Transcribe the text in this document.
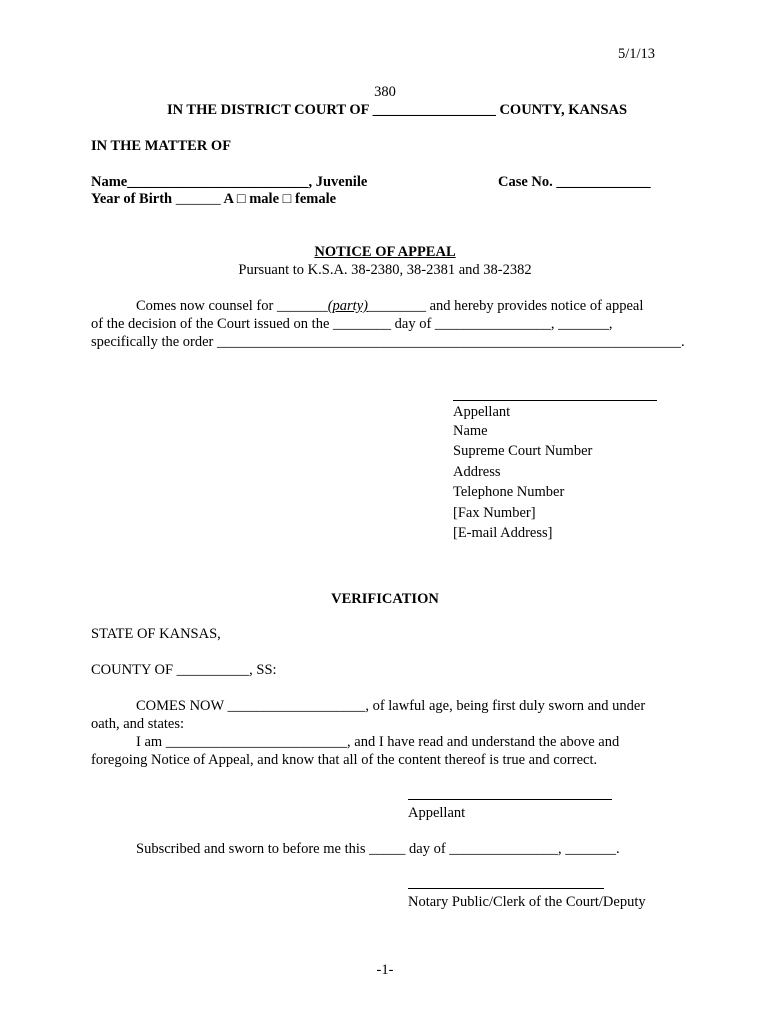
5/1/13
380
IN THE DISTRICT COURT OF _________________ COUNTY, KANSAS
IN THE MATTER OF
Name_________________________, Juvenile	Case No. _____________
Year of Birth _________ A □ male □ female
NOTICE OF APPEAL
Pursuant to K.S.A. 38-2380, 38-2381 and 38-2382
Comes now counsel for _______(party)________ and hereby provides notice of appeal
of the decision of the Court issued on the ________ day of ________________, _______,
specifically the order ________________________________________________________________.
Appellant
Name
Supreme Court Number
Address
Telephone Number
[Fax Number]
[E-mail Address]
VERIFICATION
STATE OF KANSAS,
COUNTY OF __________, SS:
COMES NOW ___________________, of lawful age, being first duly sworn and under
oath, and states:
I am _________________________, and I have read and understand the above and
foregoing Notice of Appeal, and know that all of the content thereof is true and correct.
Appellant
Subscribed and sworn to before me this _____ day of _______________, _______.
Notary Public/Clerk of the Court/Deputy
-1-
